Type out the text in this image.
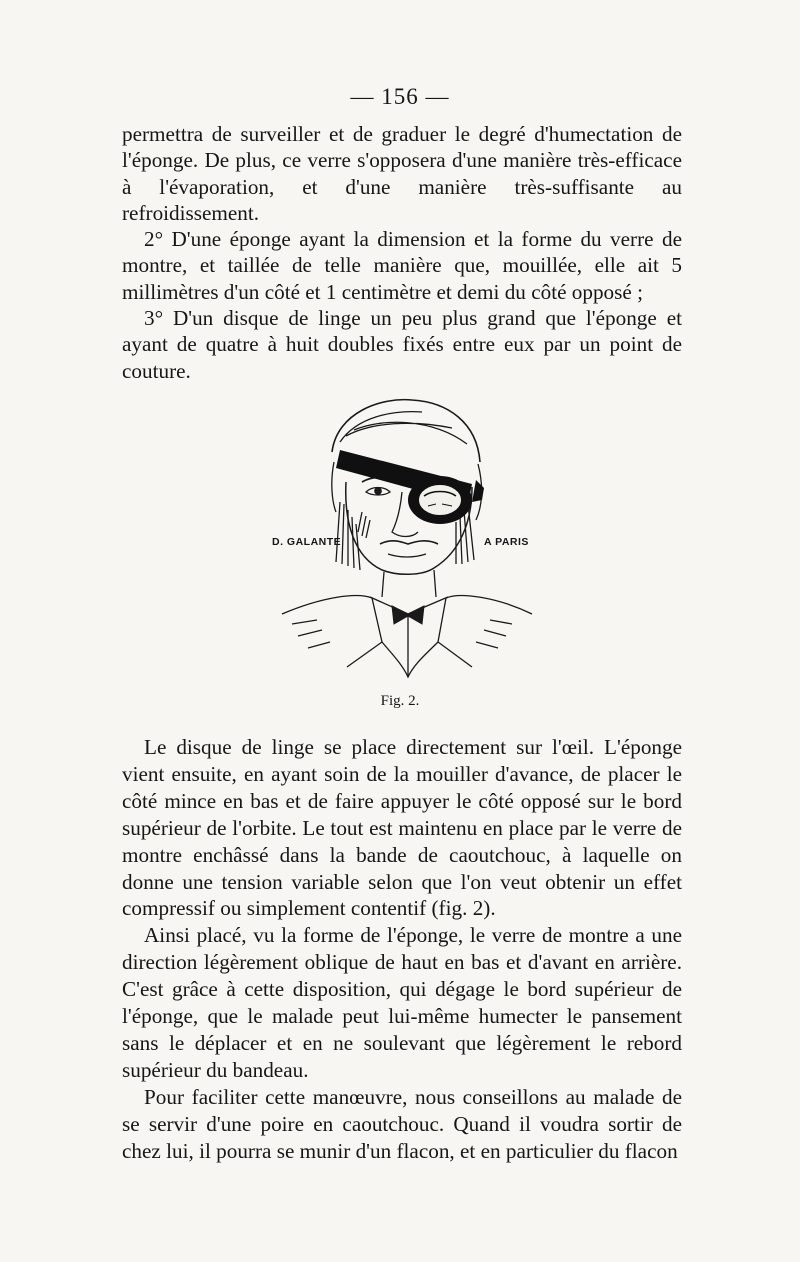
— 156 —

permettra de surveiller et de graduer le degré d'humectation de l'éponge. De plus, ce verre s'opposera d'une manière très-efficace à l'évaporation, et d'une manière très-suffisante au refroidissement.

2° D'une éponge ayant la dimension et la forme du verre de montre, et taillée de telle manière que, mouillée, elle ait 5 millimètres d'un côté et 1 centimètre et demi du côté opposé ;

3° D'un disque de linge un peu plus grand que l'éponge et ayant de quatre à huit doubles fixés entre eux par un point de couture.

D. GALANTE	A PARIS
Fig. 2.

Le disque de linge se place directement sur l'œil. L'éponge vient ensuite, en ayant soin de la mouiller d'avance, de placer le côté mince en bas et de faire appuyer le côté opposé sur le bord supérieur de l'orbite. Le tout est maintenu en place par le verre de montre enchâssé dans la bande de caoutchouc, à laquelle on donne une tension variable selon que l'on veut obtenir un effet compressif ou simplement contentif (fig. 2).

Ainsi placé, vu la forme de l'éponge, le verre de montre a une direction légèrement oblique de haut en bas et d'avant en arrière. C'est grâce à cette disposition, qui dégage le bord supérieur de l'éponge, que le malade peut lui-même humecter le pansement sans le déplacer et en ne soulevant que légèrement le rebord supérieur du bandeau.

Pour faciliter cette manœuvre, nous conseillons au malade de se servir d'une poire en caoutchouc. Quand il voudra sortir de chez lui, il pourra se munir d'un flacon, et en particulier du flacon
